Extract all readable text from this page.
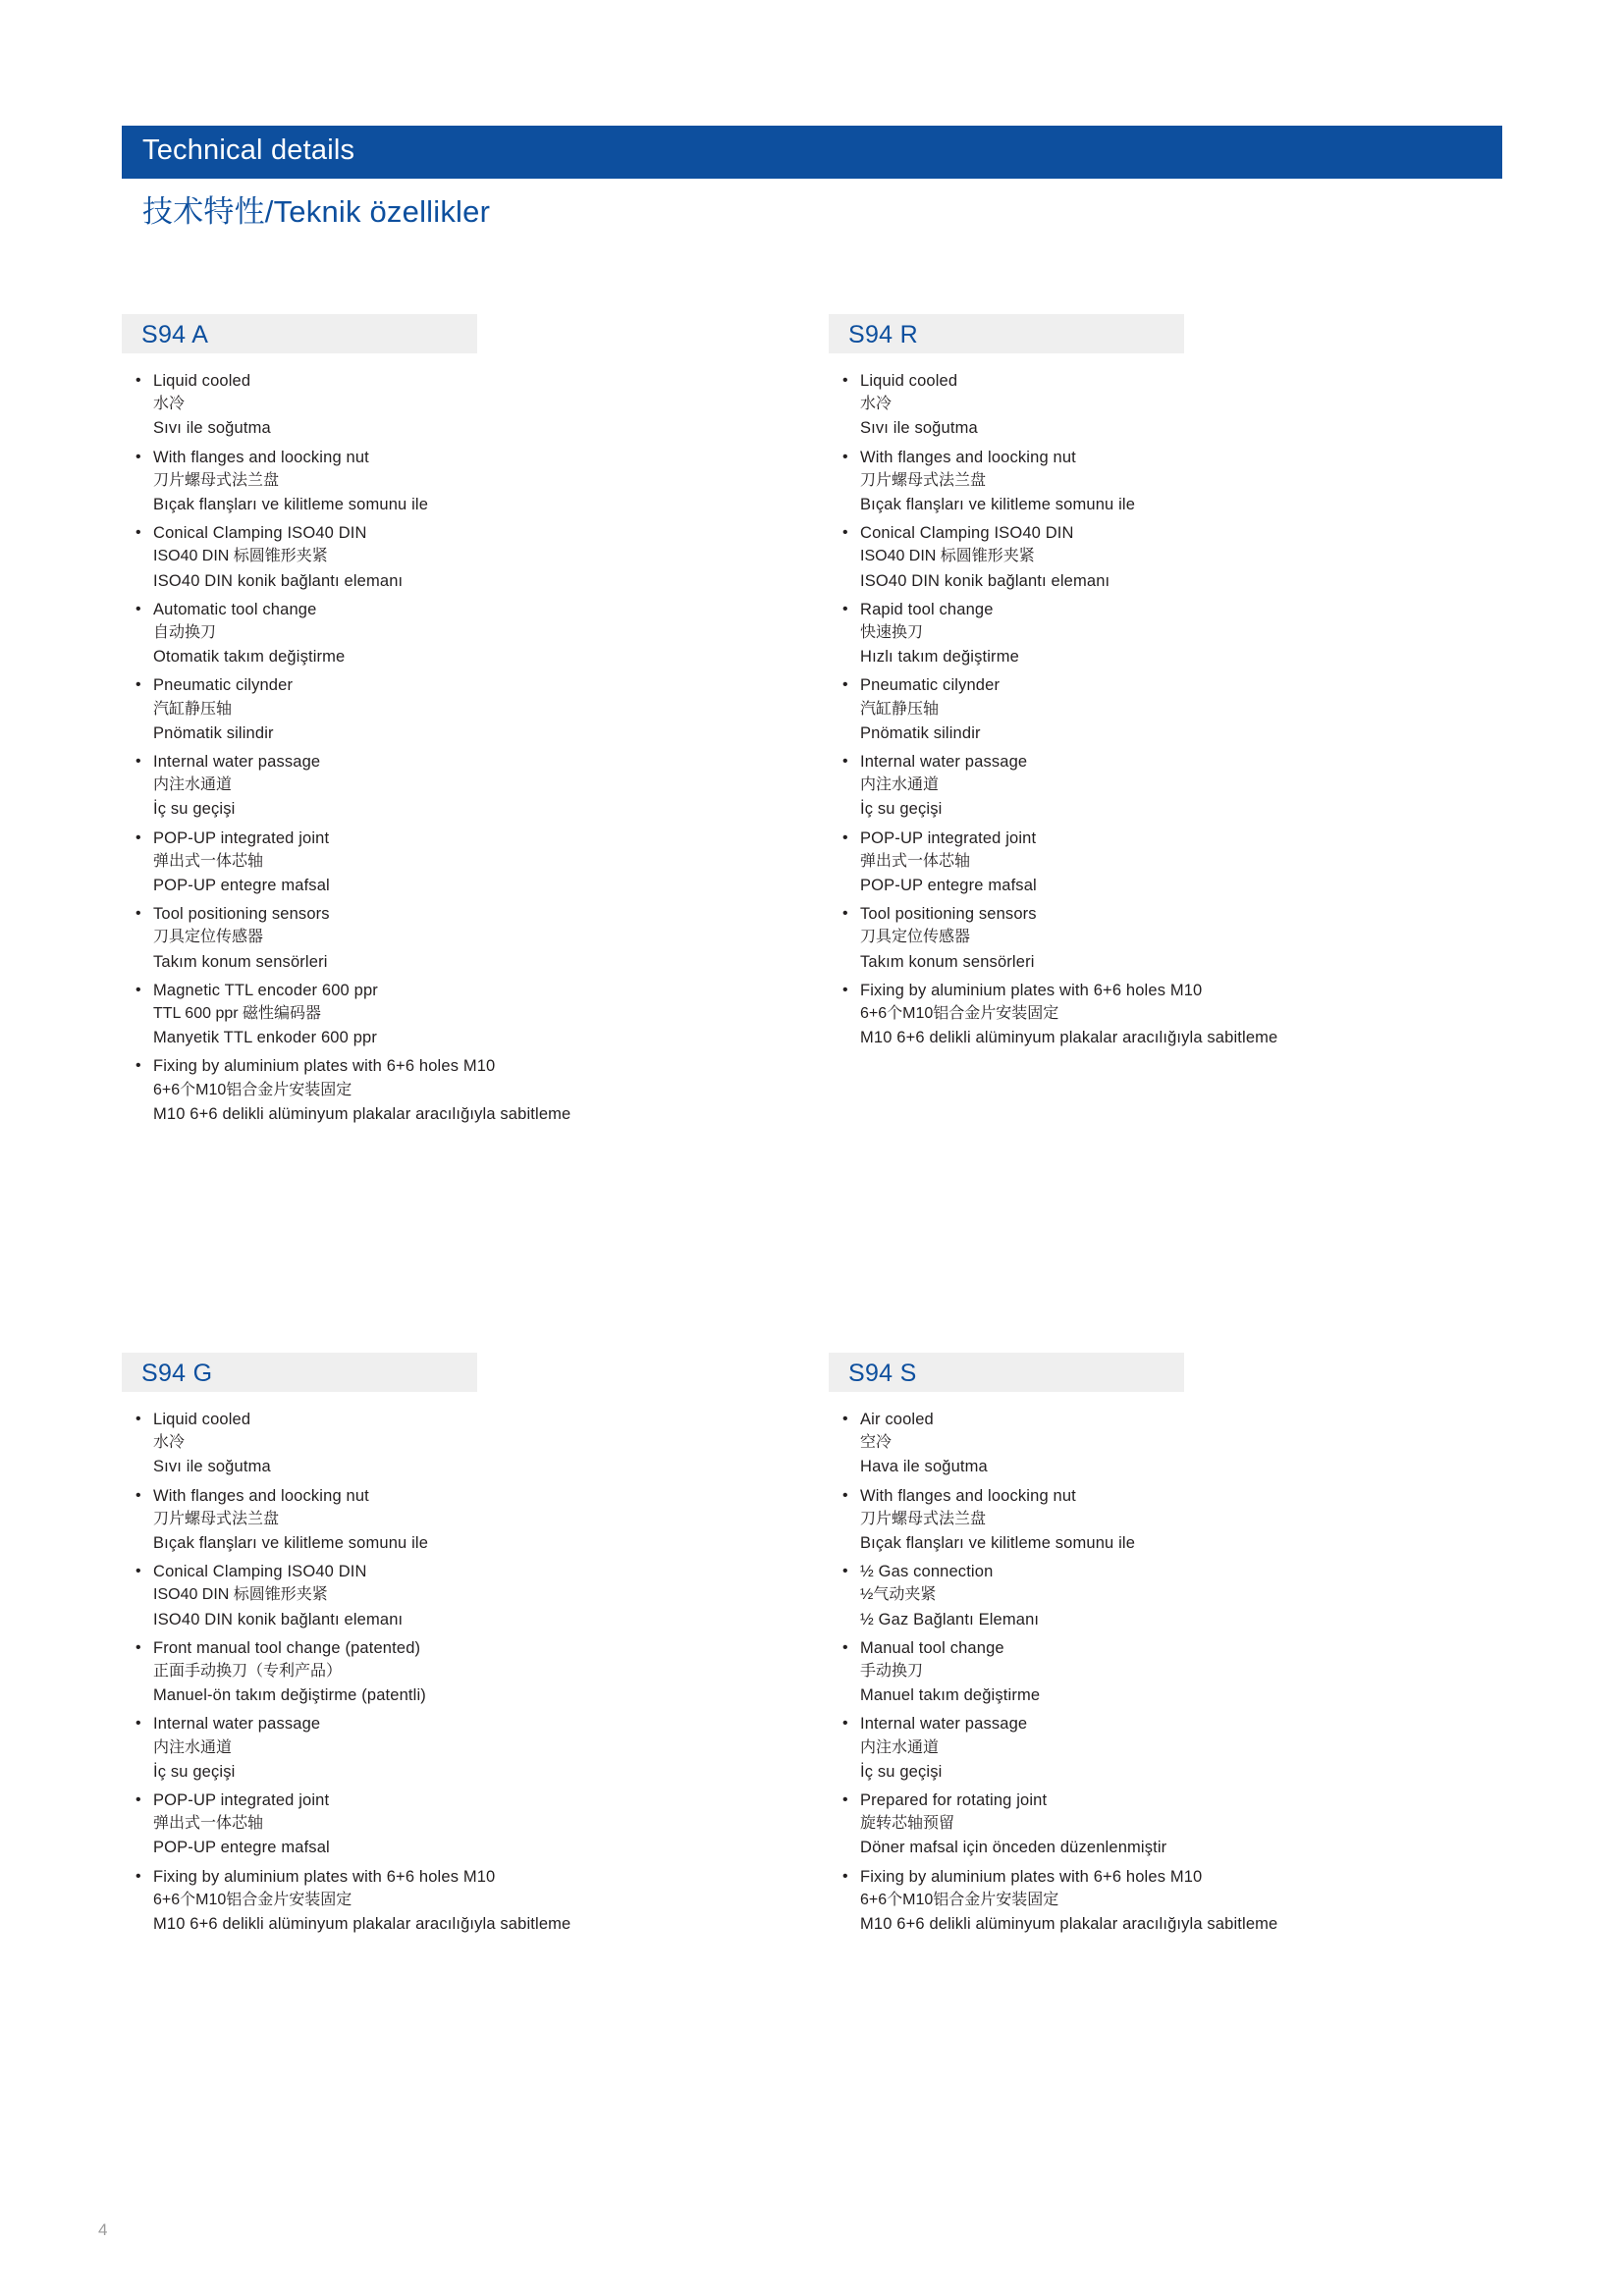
Technical details
技术特性/Teknik özellikler
S94 A
• Liquid cooled
水冷
Sıvı ile soğutma
• With flanges and loocking nut
刀片螺母式法兰盘
Bıçak flanşları ve kilitleme somunu ile
• Conical Clamping ISO40 DIN
ISO40 DIN 标圆锥形夹紧
ISO40 DIN konik bağlantı elemanı
• Automatic tool change
自动换刀
Otomatik takım değiştirme
• Pneumatic cilynder
汽缸静压轴
Pnömatik silindir
• Internal water passage
内注水通道
İç su geçişi
• POP-UP integrated joint
弹出式一体芯轴
POP-UP entegre mafsal
• Tool positioning sensors
刀具定位传感器
Takım konum sensörleri
• Magnetic TTL encoder 600 ppr
TTL 600 ppr 磁性编码器
Manyetik TTL enkoder 600 ppr
• Fixing by aluminium plates with 6+6 holes M10
6+6个M10铝合金片安装固定
M10 6+6 delikli alüminyum plakalar aracılığıyla sabitleme
S94 R
• Liquid cooled
水冷
Sıvı ile soğutma
• With flanges and loocking nut
刀片螺母式法兰盘
Bıçak flanşları ve kilitleme somunu ile
• Conical Clamping ISO40 DIN
ISO40 DIN 标圆锥形夹紧
ISO40 DIN konik bağlantı elemanı
• Rapid tool change
快速换刀
Hızlı takım değiştirme
• Pneumatic cilynder
汽缸静压轴
Pnömatik silindir
• Internal water passage
内注水通道
İç su geçişi
• POP-UP integrated joint
弹出式一体芯轴
POP-UP entegre mafsal
• Tool positioning sensors
刀具定位传感器
Takım konum sensörleri
• Fixing by aluminium plates with 6+6 holes M10
6+6个M10铝合金片安装固定
M10 6+6 delikli alüminyum plakalar aracılığıyla sabitleme
S94 G
• Liquid cooled
水冷
Sıvı ile soğutma
• With flanges and loocking nut
刀片螺母式法兰盘
Bıçak flanşları ve kilitleme somunu ile
• Conical Clamping ISO40 DIN
ISO40 DIN 标圆锥形夹紧
ISO40 DIN konik bağlantı elemanı
• Front manual tool change (patented)
正面手动换刀（专利产品）
Manuel-ön takım değiştirme (patentli)
• Internal water passage
内注水通道
İç su geçişi
• POP-UP integrated joint
弹出式一体芯轴
POP-UP entegre mafsal
• Fixing by aluminium plates with 6+6 holes M10
6+6个M10铝合金片安装固定
M10 6+6 delikli alüminyum plakalar aracılığıyla sabitleme
S94 S
• Air cooled
空冷
Hava ile soğutma
• With flanges and loocking nut
刀片螺母式法兰盘
Bıçak flanşları ve kilitleme somunu ile
• ½ Gas connection
½气动夹紧
½ Gaz Bağlantı Elemanı
• Manual tool change
手动换刀
Manuel takım değiştirme
• Internal water passage
内注水通道
İç su geçişi
• Prepared for rotating joint
旋转芯轴预留
Döner mafsal için önceden düzenlenmiştir
• Fixing by aluminium plates with 6+6 holes M10
6+6个M10铝合金片安装固定
M10 6+6 delikli alüminyum plakalar aracılığıyla sabitleme
4
